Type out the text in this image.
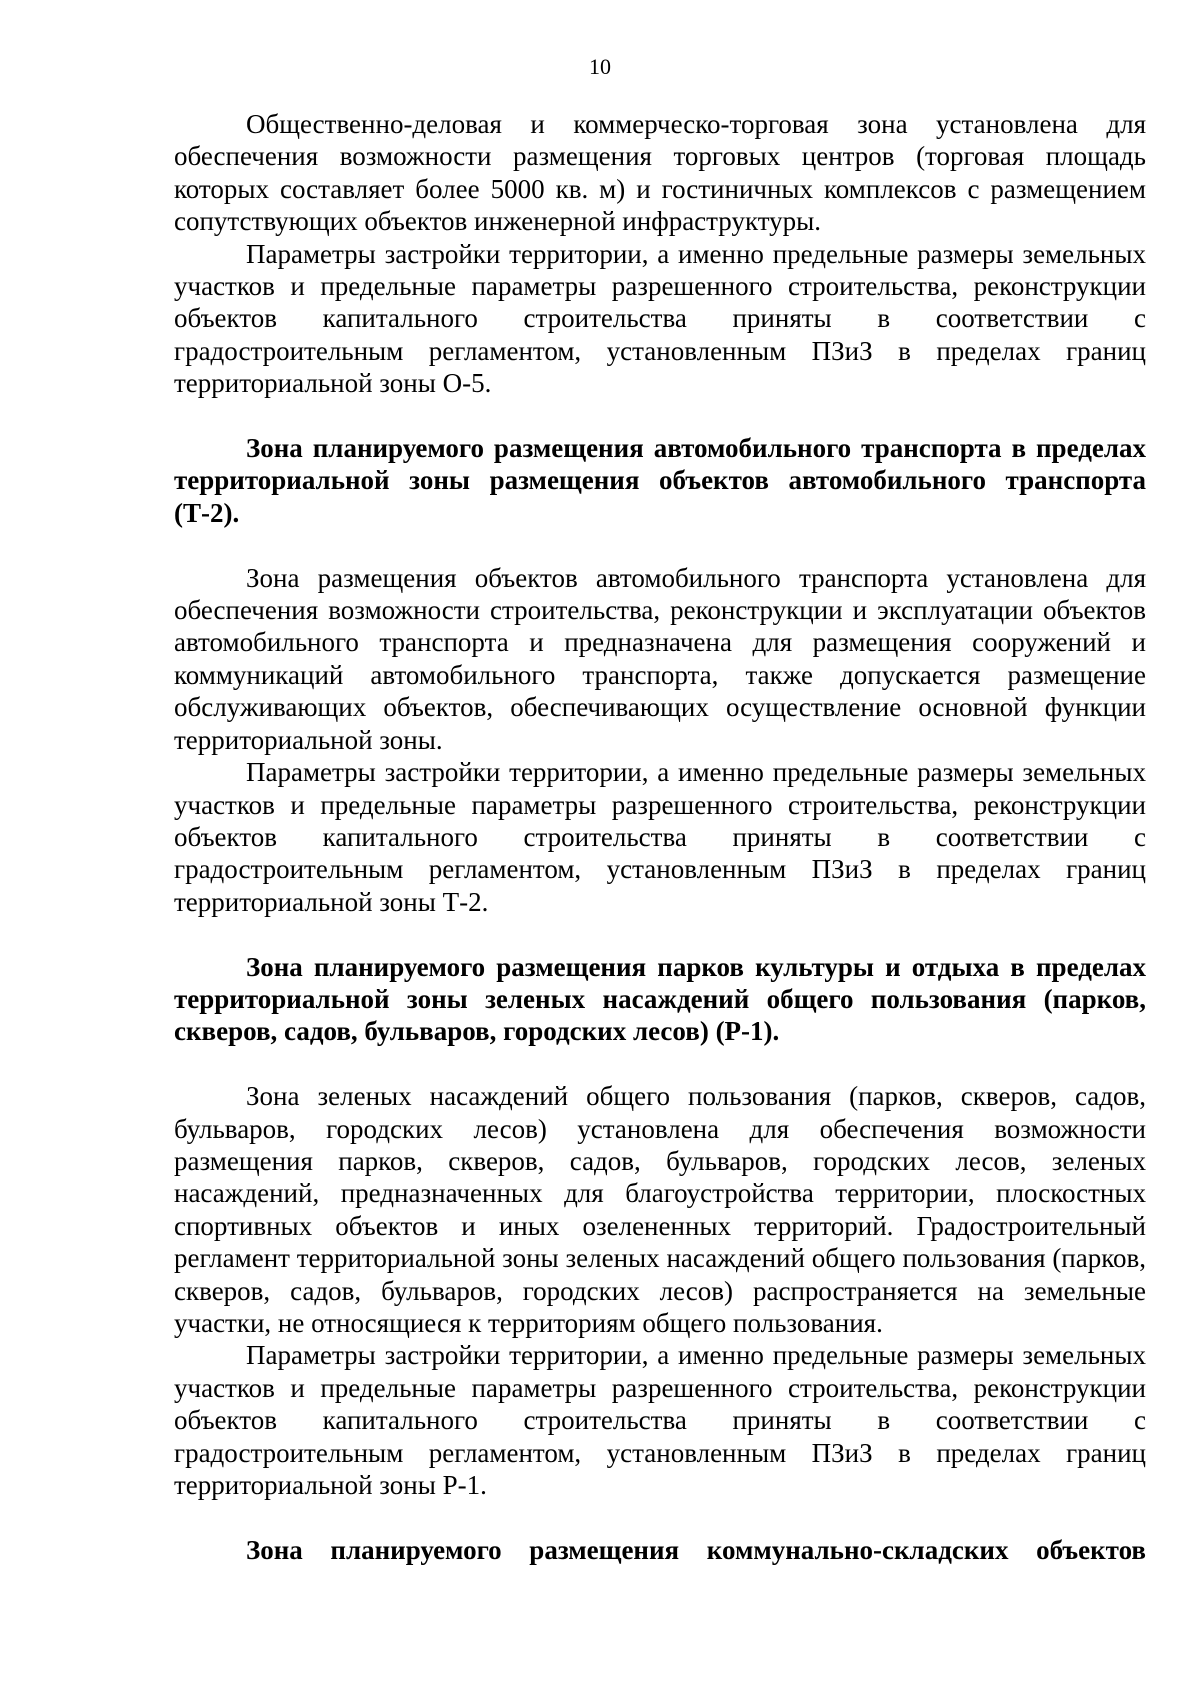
10

Общественно-деловая и коммерческо-торговая зона установлена для обеспечения возможности размещения торговых центров (торговая площадь которых составляет более 5000 кв. м) и гостиничных комплексов с размещением сопутствующих объектов инженерной инфраструктуры.

Параметры застройки территории, а именно предельные размеры земельных участков и предельные параметры разрешенного строительства, реконструкции объектов капитального строительства приняты в соответствии с градостроительным регламентом, установленным ПЗиЗ в пределах границ территориальной зоны О-5.

Зона планируемого размещения автомобильного транспорта в пределах территориальной зоны размещения объектов автомобильного транспорта (Т-2).

Зона размещения объектов автомобильного транспорта установлена для обеспечения возможности строительства, реконструкции и эксплуатации объектов автомобильного транспорта и предназначена для размещения сооружений и коммуникаций автомобильного транспорта, также допускается размещение обслуживающих объектов, обеспечивающих осуществление основной функции территориальной зоны.

Параметры застройки территории, а именно предельные размеры земельных участков и предельные параметры разрешенного строительства, реконструкции объектов капитального строительства приняты в соответствии с градостроительным регламентом, установленным ПЗиЗ в пределах границ территориальной зоны Т-2.

Зона планируемого размещения парков культуры и отдыха в пределах территориальной зоны зеленых насаждений общего пользования (парков, скверов, садов, бульваров, городских лесов) (Р-1).

Зона зеленых насаждений общего пользования (парков, скверов, садов, бульваров, городских лесов) установлена для обеспечения возможности размещения парков, скверов, садов, бульваров, городских лесов, зеленых насаждений, предназначенных для благоустройства территории, плоскостных спортивных объектов и иных озелененных территорий. Градостроительный регламент территориальной зоны зеленых насаждений общего пользования (парков, скверов, садов, бульваров, городских лесов) распространяется на земельные участки, не относящиеся к территориям общего пользования.

Параметры застройки территории, а именно предельные размеры земельных участков и предельные параметры разрешенного строительства, реконструкции объектов капитального строительства приняты в соответствии с градостроительным регламентом, установленным ПЗиЗ в пределах границ территориальной зоны Р-1.

Зона планируемого размещения коммунально-складских объектов
